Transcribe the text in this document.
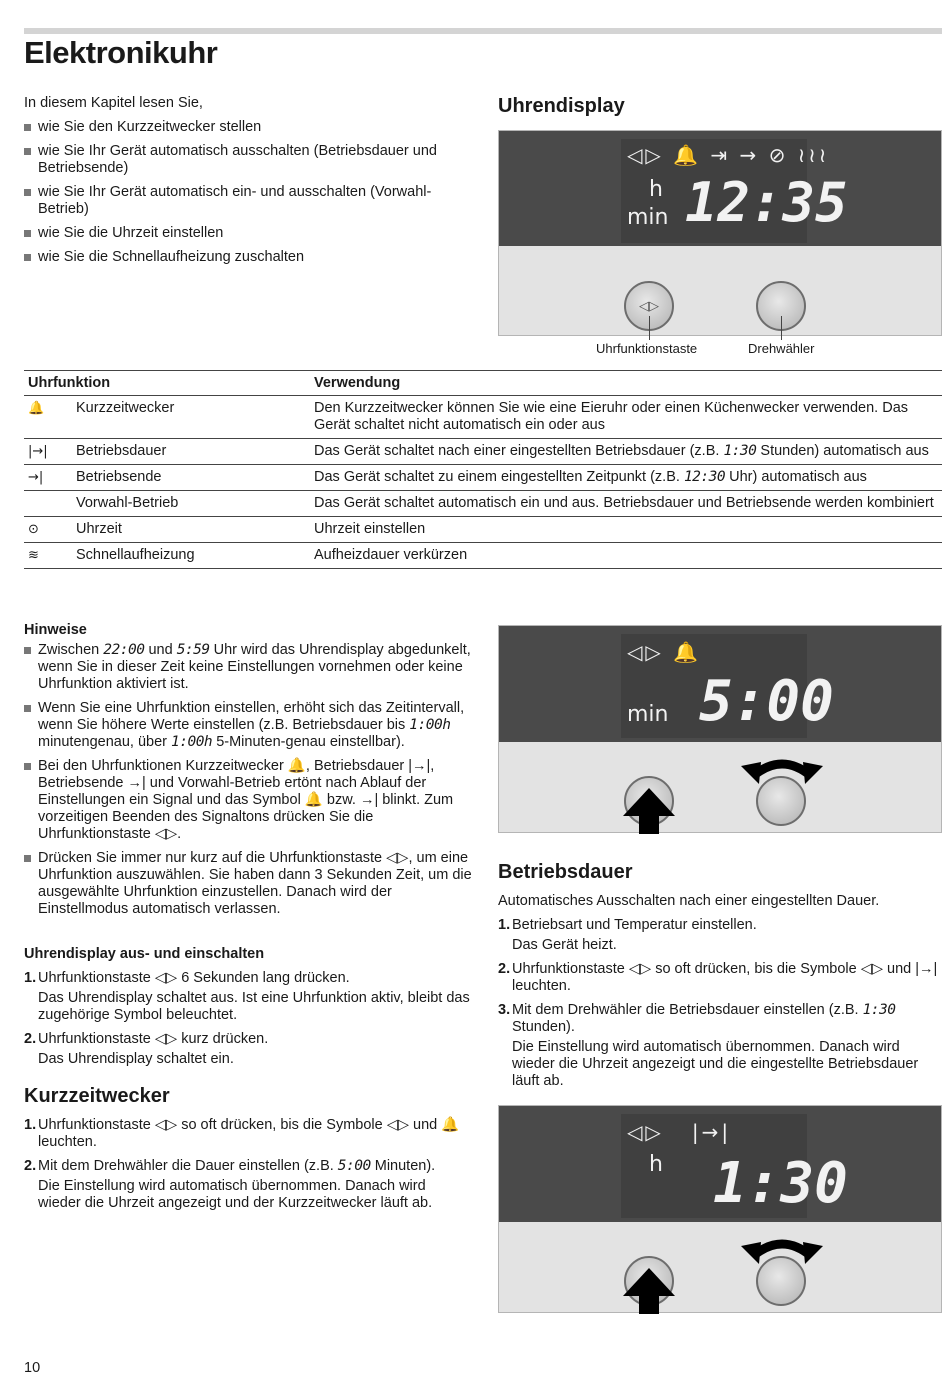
Elektronikuhr
In diesem Kapitel lesen Sie,
wie Sie den Kurzzeitwecker stellen
wie Sie Ihr Gerät automatisch ausschalten (Betriebsdauer und Betriebsende)
wie Sie Ihr Gerät automatisch ein- und ausschalten (Vorwahl-Betrieb)
wie Sie die Uhrzeit einstellen
wie Sie die Schnellaufheizung zuschalten
Uhrendisplay
◁▷ 🔔 ⇥ → ⊘ ≀≀≀
h
min 12:35
◁▷
Uhrfunktionstaste	Drehwähler
Uhrfunktion		Verwendung
🔔	Kurzzeitwecker	Den Kurzzeitwecker können Sie wie eine Eieruhr oder einen Küchenwecker verwenden. Das Gerät schaltet nicht automatisch ein oder aus
|→|	Betriebsdauer	Das Gerät schaltet nach einer eingestellten Betriebsdauer (z.B. 1:30 Stunden) automatisch aus
→|	Betriebsende	Das Gerät schaltet zu einem eingestellten Zeitpunkt (z.B. 12:30 Uhr) automatisch aus
	Vorwahl-Betrieb	Das Gerät schaltet automatisch ein und aus. Betriebsdauer und Betriebsende werden kombiniert
⊙	Uhrzeit	Uhrzeit einstellen
≋	Schnellaufheizung	Aufheizdauer verkürzen
Hinweise
Zwischen 22:00 und 5:59 Uhr wird das Uhrendisplay abgedunkelt, wenn Sie in dieser Zeit keine Einstellungen vornehmen oder keine Uhrfunktion aktiviert ist.
Wenn Sie eine Uhrfunktion einstellen, erhöht sich das Zeitintervall, wenn Sie höhere Werte einstellen (z.B. Betriebsdauer bis 1:00h minutengenau, über 1:00h 5-Minuten-genau einstellbar).
Bei den Uhrfunktionen Kurzzeitwecker 🔔, Betriebsdauer |→|, Betriebsende →| und Vorwahl-Betrieb ertönt nach Ablauf der Einstellungen ein Signal und das Symbol 🔔 bzw. →| blinkt. Zum vorzeitigen Beenden des Signaltons drücken Sie die Uhrfunktionstaste ◁▷.
Drücken Sie immer nur kurz auf die Uhrfunktionstaste ◁▷, um eine Uhrfunktion auszuwählen. Sie haben dann 3 Sekunden Zeit, um die ausgewählte Uhrfunktion einzustellen. Danach wird der Einstellmodus automatisch verlassen.
Uhrendisplay aus- und einschalten
1. Uhrfunktionstaste ◁▷ 6 Sekunden lang drücken.
Das Uhrendisplay schaltet aus. Ist eine Uhrfunktion aktiv, bleibt das zugehörige Symbol beleuchtet.
2. Uhrfunktionstaste ◁▷ kurz drücken.
Das Uhrendisplay schaltet ein.
Kurzzeitwecker
1. Uhrfunktionstaste ◁▷ so oft drücken, bis die Symbole ◁▷ und 🔔 leuchten.
2. Mit dem Drehwähler die Dauer einstellen (z.B. 5:00 Minuten).
Die Einstellung wird automatisch übernommen. Danach wird wieder die Uhrzeit angezeigt und der Kurzzeitwecker läuft ab.
◁▷ 🔔
min 5:00
Betriebsdauer
Automatisches Ausschalten nach einer eingestellten Dauer.
1. Betriebsart und Temperatur einstellen.
Das Gerät heizt.
2. Uhrfunktionstaste ◁▷ so oft drücken, bis die Symbole ◁▷ und |→| leuchten.
3. Mit dem Drehwähler die Betriebsdauer einstellen (z.B. 1:30 Stunden).
Die Einstellung wird automatisch übernommen. Danach wird wieder die Uhrzeit angezeigt und die eingestellte Betriebsdauer läuft ab.
◁▷   |→|
h 1:30
10
